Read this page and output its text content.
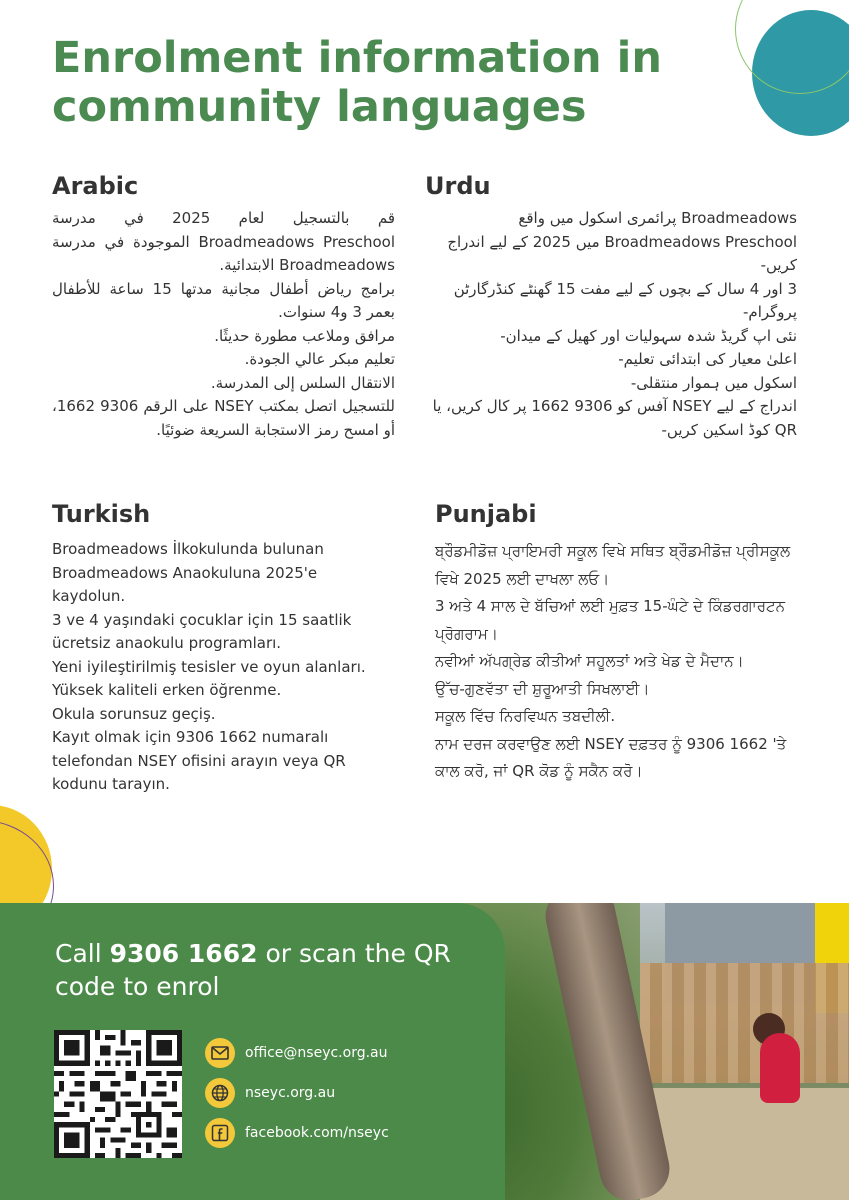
Enrolment information in community languages
Arabic

قم بالتسجيل لعام 2025 في مدرسة Broadmeadows Preschool الموجودة في مدرسة Broadmeadows الابتدائية.

برامج رياض أطفال مجانية مدتها 15 ساعة للأطفال بعمر 3 و4 سنوات.

مرافق وملاعب مطورة حديثًا.

تعليم مبكر عالي الجودة.

الانتقال السلس إلى المدرسة.

للتسجيل اتصل بمكتب NSEY على الرقم 9306 1662، أو امسح رمز الاستجابة السريعة ضوئيًا.

Urdu

Broadmeadows پرائمری اسکول میں واقع Broadmeadows Preschool میں 2025 کے لیے اندراج کریں-

3 اور 4 سال کے بچوں کے لیے مفت 15 گھنٹے کنڈرگارٹن پروگرام-

نئی اپ گریڈ شدہ سہولیات اور کھیل کے میدان-

اعلیٰ معیار کی ابتدائی تعلیم-

اسکول میں ہموار منتقلی-

اندراج کے لیے NSEY آفس کو 9306 1662 پر کال کریں، یا QR کوڈ اسکین کریں-

Turkish

Broadmeadows İlkokulunda bulunan Broadmeadows Anaokuluna 2025'e kaydolun.

3 ve 4 yaşındaki çocuklar için 15 saatlik ücretsiz anaokulu programları.

Yeni iyileştirilmiş tesisler ve oyun alanları.

Yüksek kaliteli erken öğrenme.

Okula sorunsuz geçiş.

Kayıt olmak için 9306 1662 numaralı telefondan NSEY ofisini arayın veya QR kodunu tarayın.

Punjabi

ਬ੍ਰੌਡਮੀਡੋਜ਼ ਪ੍ਰਾਇਮਰੀ ਸਕੂਲ ਵਿਖੇ ਸਥਿਤ ਬ੍ਰੌਡਮੀਡੋਜ਼ ਪ੍ਰੀਸਕੂਲ ਵਿਖੇ 2025 ਲਈ ਦਾਖਲਾ ਲਓ।

3 ਅਤੇ 4 ਸਾਲ ਦੇ ਬੱਚਿਆਂ ਲਈ ਮੁਫ਼ਤ 15-ਘੰਟੇ ਦੇ ਕਿੰਡਰਗਾਰਟਨ ਪ੍ਰੋਗਰਾਮ।

ਨਵੀਆਂ ਅੱਪਗ੍ਰੇਡ ਕੀਤੀਆਂ ਸਹੂਲਤਾਂ ਅਤੇ ਖੇਡ ਦੇ ਮੈਦਾਨ।

ਉੱਚ-ਗੁਣਵੱਤਾ ਦੀ ਸ਼ੁਰੂਆਤੀ ਸਿਖਲਾਈ।

ਸਕੂਲ ਵਿੱਚ ਨਿਰਵਿਘਨ ਤਬਦੀਲੀ.

ਨਾਮ ਦਰਜ ਕਰਵਾਉਣ ਲਈ NSEY ਦਫ਼ਤਰ ਨੂੰ 9306 1662 'ਤੇ ਕਾਲ ਕਰੋ, ਜਾਂ QR ਕੋਡ ਨੂੰ ਸਕੈਨ ਕਰੋ।

Call 9306 1662 or scan the QR code to enrol

office@nseyc.org.au
nseyc.org.au
facebook.com/nseyc
